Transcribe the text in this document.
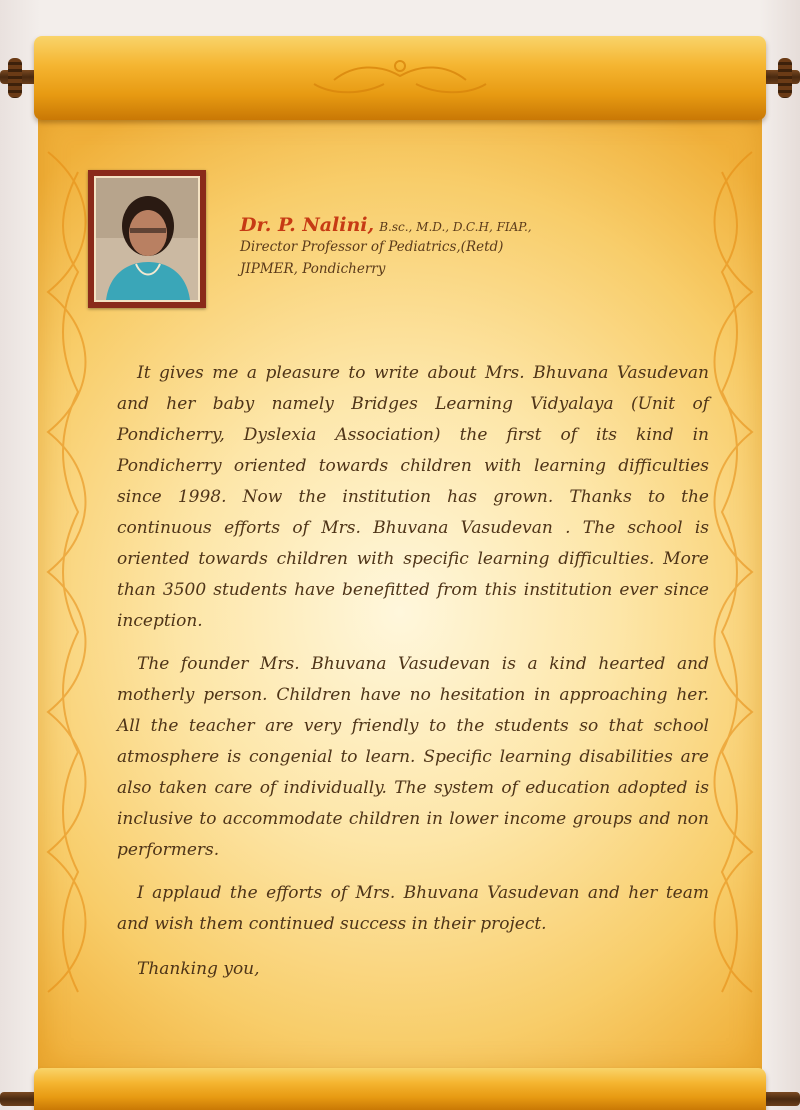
Dr. P. Nalini, B.sc., M.D., D.C.H, FIAP.,
Director Professor of Pediatrics,(Retd)
JIPMER, Pondicherry

It gives me a pleasure to write about Mrs. Bhuvana Vasudevan and her baby namely Bridges Learning Vidyalaya (Unit of Pondicherry, Dyslexia Association) the first of its kind in Pondicherry oriented towards children with learning difficulties since 1998. Now the institution has grown. Thanks to the continuous efforts of Mrs. Bhuvana Vasudevan . The school is oriented towards children with specific learning difficulties. More than 3500 students have benefitted from this institution ever since inception.

The founder Mrs. Bhuvana Vasudevan is a kind hearted and motherly person. Children have no hesitation in approaching her. All the teacher are very friendly to the students so that school atmosphere is congenial to learn. Specific learning disabilities are also taken care of individually. The system of education adopted is inclusive to accommodate children in lower income groups and non performers.

I applaud the efforts of Mrs. Bhuvana Vasudevan and her team and wish them continued success in their project.

Thanking you,
